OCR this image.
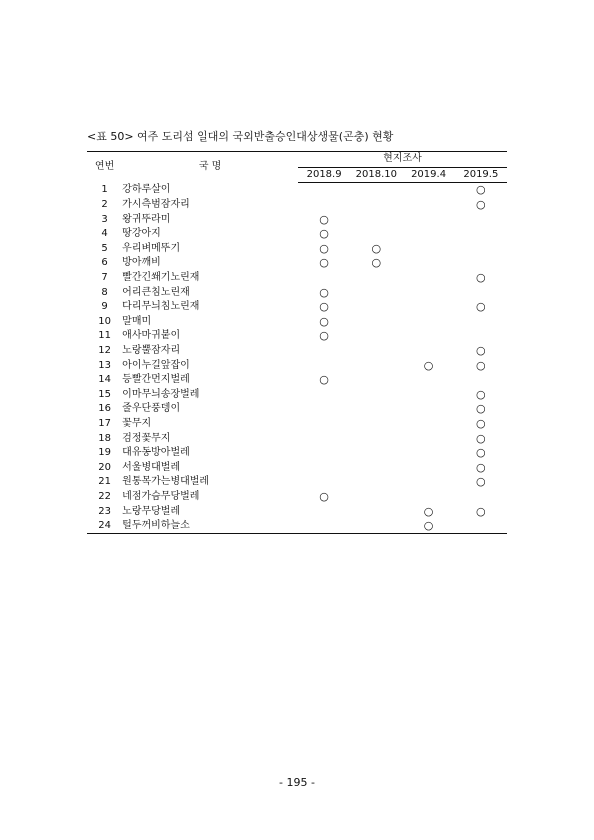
<표 50> 여주 도리섬 일대의 국외반출승인대상생물(곤충) 현황
연번	국 명	현지조사			
		2018.9	2018.10	2019.4	2019.5
1	강하루살이				○
2	가시측범잠자리				○
3	왕귀뚜라미	○			
4	땅강아지	○			
5	우리벼메뚜기	○	○		
6	방아깨비	○	○		
7	빨간긴쐐기노린재				○
8	어리큰침노린재	○			
9	다리무늬침노린재	○			○
10	말매미	○			
11	애사마귀붙이	○			
12	노랑뿔잠자리				○
13	아이누길앞잡이			○	○
14	등빨간먼지벌레	○			
15	이마무늬송장벌레				○
16	줄우단풍뎅이				○
17	꽃무지				○
18	검정꽃무지				○
19	대유동방아벌레				○
20	서울병대벌레				○
21	원통목가는병대벌레				○
22	네점가슴무당벌레	○			
23	노랑무당벌레			○	○
24	털두꺼비하늘소			○	
- 195 -
